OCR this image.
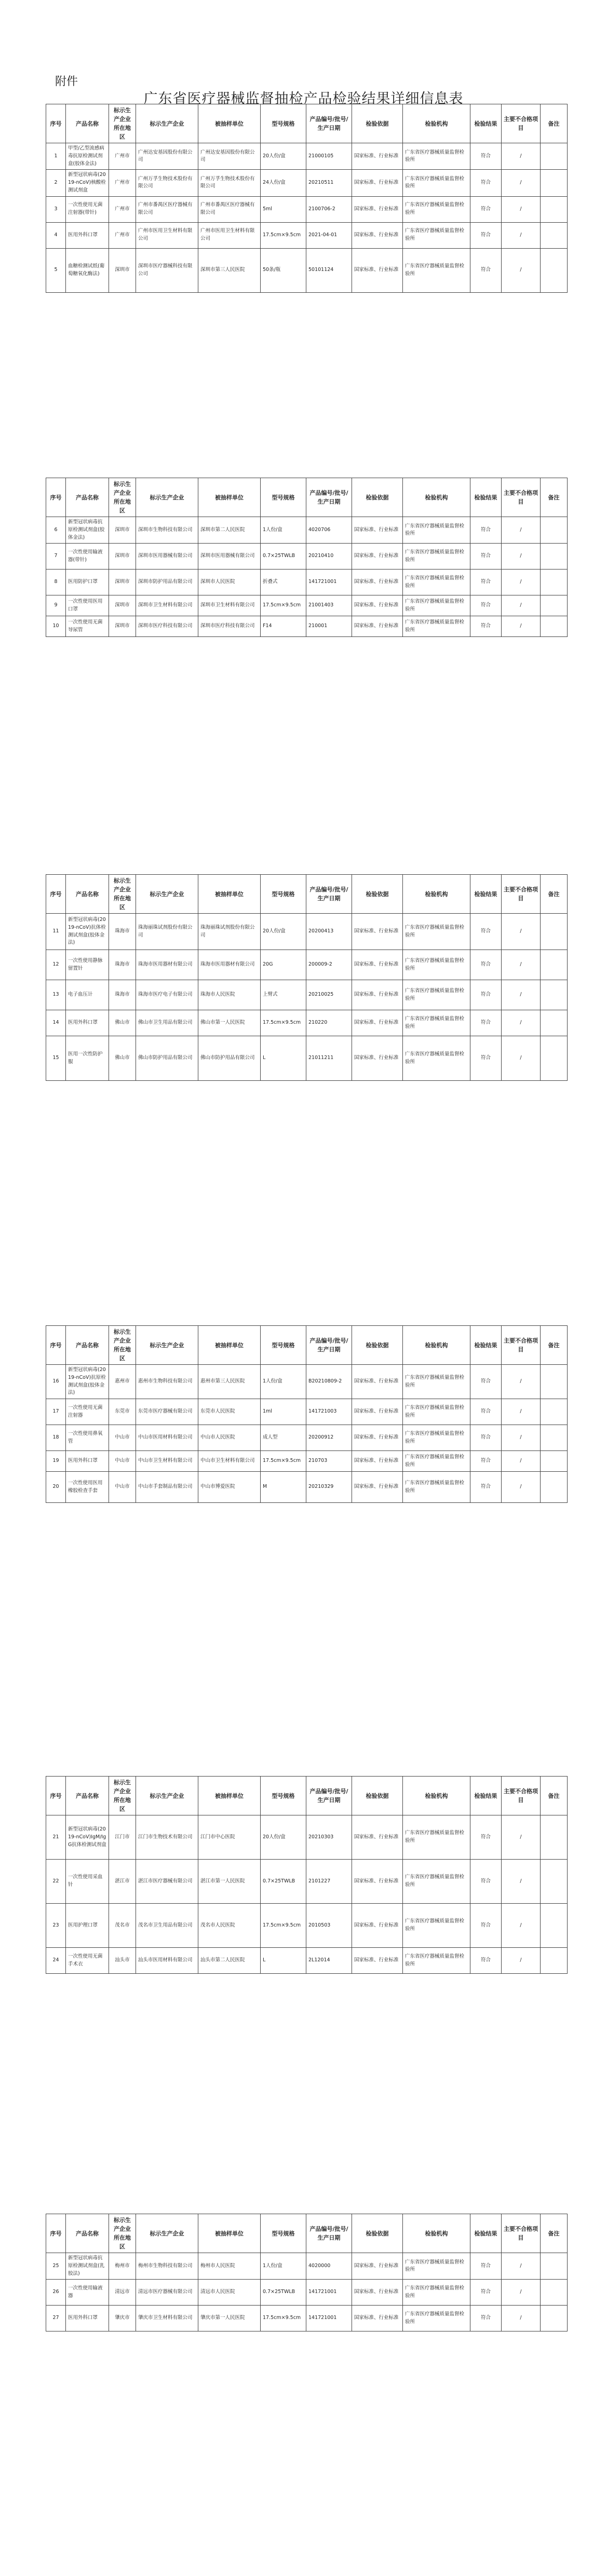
附件
广东省医疗器械监督抽检产品检验结果详细信息表
序号	产品名称	标示生产企业所在地区	标示生产企业	被抽样单位	型号规格	产品编号/批号/生产日期	检验依据	检验机构	检验结果	主要不合格项目	备注
1	甲型/乙型流感病毒抗原检测试剂盒(胶体金法)	广州市	广州达安基因股份有限公司	广州达安基因股份有限公司	20人份/盒	21000105	国家标准、行业标准	广东省医疗器械质量监督检验所	符合	/	
2	新型冠状病毒(2019-nCoV)核酸检测试剂盒	广州市	广州万孚生物技术股份有限公司	广州万孚生物技术股份有限公司	24人份/盒	20210511	国家标准、行业标准	广东省医疗器械质量监督检验所	符合	/	
3	一次性使用无菌注射器(带针)	广州市	广州市番禺区医疗器械有限公司	广州市番禺区医疗器械有限公司	5ml	2100706-2	国家标准、行业标准	广东省医疗器械质量监督检验所	符合	/	
4	医用外科口罩	广州市	广州市医用卫生材料有限公司	广州市医用卫生材料有限公司	17.5cm×9.5cm	2021-04-01	国家标准、行业标准	广东省医疗器械质量监督检验所	符合	/	
5	血糖检测试纸(葡萄糖氧化酶法)	深圳市	深圳市医疗器械科技有限公司	深圳市第三人民医院	50条/瓶	50101124	国家标准、行业标准	广东省医疗器械质量监督检验所	符合	/	
序号	产品名称	标示生产企业所在地区	标示生产企业	被抽样单位	型号规格	产品编号/批号/生产日期	检验依据	检验机构	检验结果	主要不合格项目	备注
6	新型冠状病毒抗原检测试剂盒(胶体金法)	深圳市	深圳市生物科技有限公司	深圳市第二人民医院	1人份/盒	4020706	国家标准、行业标准	广东省医疗器械质量监督检验所	符合	/	
7	一次性使用输液器(带针)	深圳市	深圳市医用器械有限公司	深圳市医用器械有限公司	0.7×25TWLB	20210410	国家标准、行业标准	广东省医疗器械质量监督检验所	符合	/	
8	医用防护口罩	深圳市	深圳市防护用品有限公司	深圳市人民医院	折叠式	141721001	国家标准、行业标准	广东省医疗器械质量监督检验所	符合	/	
9	一次性使用医用口罩	深圳市	深圳市卫生材料有限公司	深圳市卫生材料有限公司	17.5cm×9.5cm	21001403	国家标准、行业标准	广东省医疗器械质量监督检验所	符合	/	
10	一次性使用无菌导尿管	深圳市	深圳市医疗科技有限公司	深圳市医疗科技有限公司	F14	210001	国家标准、行业标准	广东省医疗器械质量监督检验所	符合	/	
序号	产品名称	标示生产企业所在地区	标示生产企业	被抽样单位	型号规格	产品编号/批号/生产日期	检验依据	检验机构	检验结果	主要不合格项目	备注
11	新型冠状病毒(2019-nCoV)抗体检测试剂盒(胶体金法)	珠海市	珠海丽珠试剂股份有限公司	珠海丽珠试剂股份有限公司	20人份/盒	20200413	国家标准、行业标准	广东省医疗器械质量监督检验所	符合	/	
12	一次性使用静脉留置针	珠海市	珠海市医用器材有限公司	珠海市医用器材有限公司	20G	200009-2	国家标准、行业标准	广东省医疗器械质量监督检验所	符合	/	
13	电子血压计	珠海市	珠海市医疗电子有限公司	珠海市人民医院	上臂式	20210025	国家标准、行业标准	广东省医疗器械质量监督检验所	符合	/	
14	医用外科口罩	佛山市	佛山市卫生用品有限公司	佛山市第一人民医院	17.5cm×9.5cm	210220	国家标准、行业标准	广东省医疗器械质量监督检验所	符合	/	
15	医用一次性防护服	佛山市	佛山市防护用品有限公司	佛山市防护用品有限公司	L	21011211	国家标准、行业标准	广东省医疗器械质量监督检验所	符合	/	
序号	产品名称	标示生产企业所在地区	标示生产企业	被抽样单位	型号规格	产品编号/批号/生产日期	检验依据	检验机构	检验结果	主要不合格项目	备注
16	新型冠状病毒(2019-nCoV)抗原检测试剂盒(胶体金法)	惠州市	惠州市生物科技有限公司	惠州市第三人民医院	1人份/盒	B20210809-2	国家标准、行业标准	广东省医疗器械质量监督检验所	符合	/	
17	一次性使用无菌注射器	东莞市	东莞市医疗器械有限公司	东莞市人民医院	1ml	141721003	国家标准、行业标准	广东省医疗器械质量监督检验所	符合	/	
18	一次性使用鼻氧管	中山市	中山市医用材料有限公司	中山市人民医院	成人型	20200912	国家标准、行业标准	广东省医疗器械质量监督检验所	符合	/	
19	医用外科口罩	中山市	中山市卫生材料有限公司	中山市卫生材料有限公司	17.5cm×9.5cm	210703	国家标准、行业标准	广东省医疗器械质量监督检验所	符合	/	
20	一次性使用医用橡胶检查手套	中山市	中山市手套制品有限公司	中山市博爱医院	M	20210329	国家标准、行业标准	广东省医疗器械质量监督检验所	符合	/	
序号	产品名称	标示生产企业所在地区	标示生产企业	被抽样单位	型号规格	产品编号/批号/生产日期	检验依据	检验机构	检验结果	主要不合格项目	备注
21	新型冠状病毒(2019-nCoV)IgM/IgG抗体检测试剂盒	江门市	江门市生物技术有限公司	江门市中心医院	20人份/盒	20210303	国家标准、行业标准	广东省医疗器械质量监督检验所	符合	/	
22	一次性使用采血针	湛江市	湛江市医疗器械有限公司	湛江市第一人民医院	0.7×25TWLB	2101227	国家标准、行业标准	广东省医疗器械质量监督检验所	符合	/	
23	医用护理口罩	茂名市	茂名市卫生用品有限公司	茂名市人民医院	17.5cm×9.5cm	2010503	国家标准、行业标准	广东省医疗器械质量监督检验所	符合	/	
24	一次性使用无菌手术衣	汕头市	汕头市医用材料有限公司	汕头市第二人民医院	L	2L12014	国家标准、行业标准	广东省医疗器械质量监督检验所	符合	/	
序号	产品名称	标示生产企业所在地区	标示生产企业	被抽样单位	型号规格	产品编号/批号/生产日期	检验依据	检验机构	检验结果	主要不合格项目	备注
25	新型冠状病毒抗原检测试剂盒(乳胶法)	梅州市	梅州市生物科技有限公司	梅州市人民医院	1人份/盒	4020000	国家标准、行业标准	广东省医疗器械质量监督检验所	符合	/	
26	一次性使用输液器	清远市	清远市医疗器械有限公司	清远市人民医院	0.7×25TWLB	141721001	国家标准、行业标准	广东省医疗器械质量监督检验所	符合	/	
27	医用外科口罩	肇庆市	肇庆市卫生材料有限公司	肇庆市第一人民医院	17.5cm×9.5cm	141721001	国家标准、行业标准	广东省医疗器械质量监督检验所	符合	/	
